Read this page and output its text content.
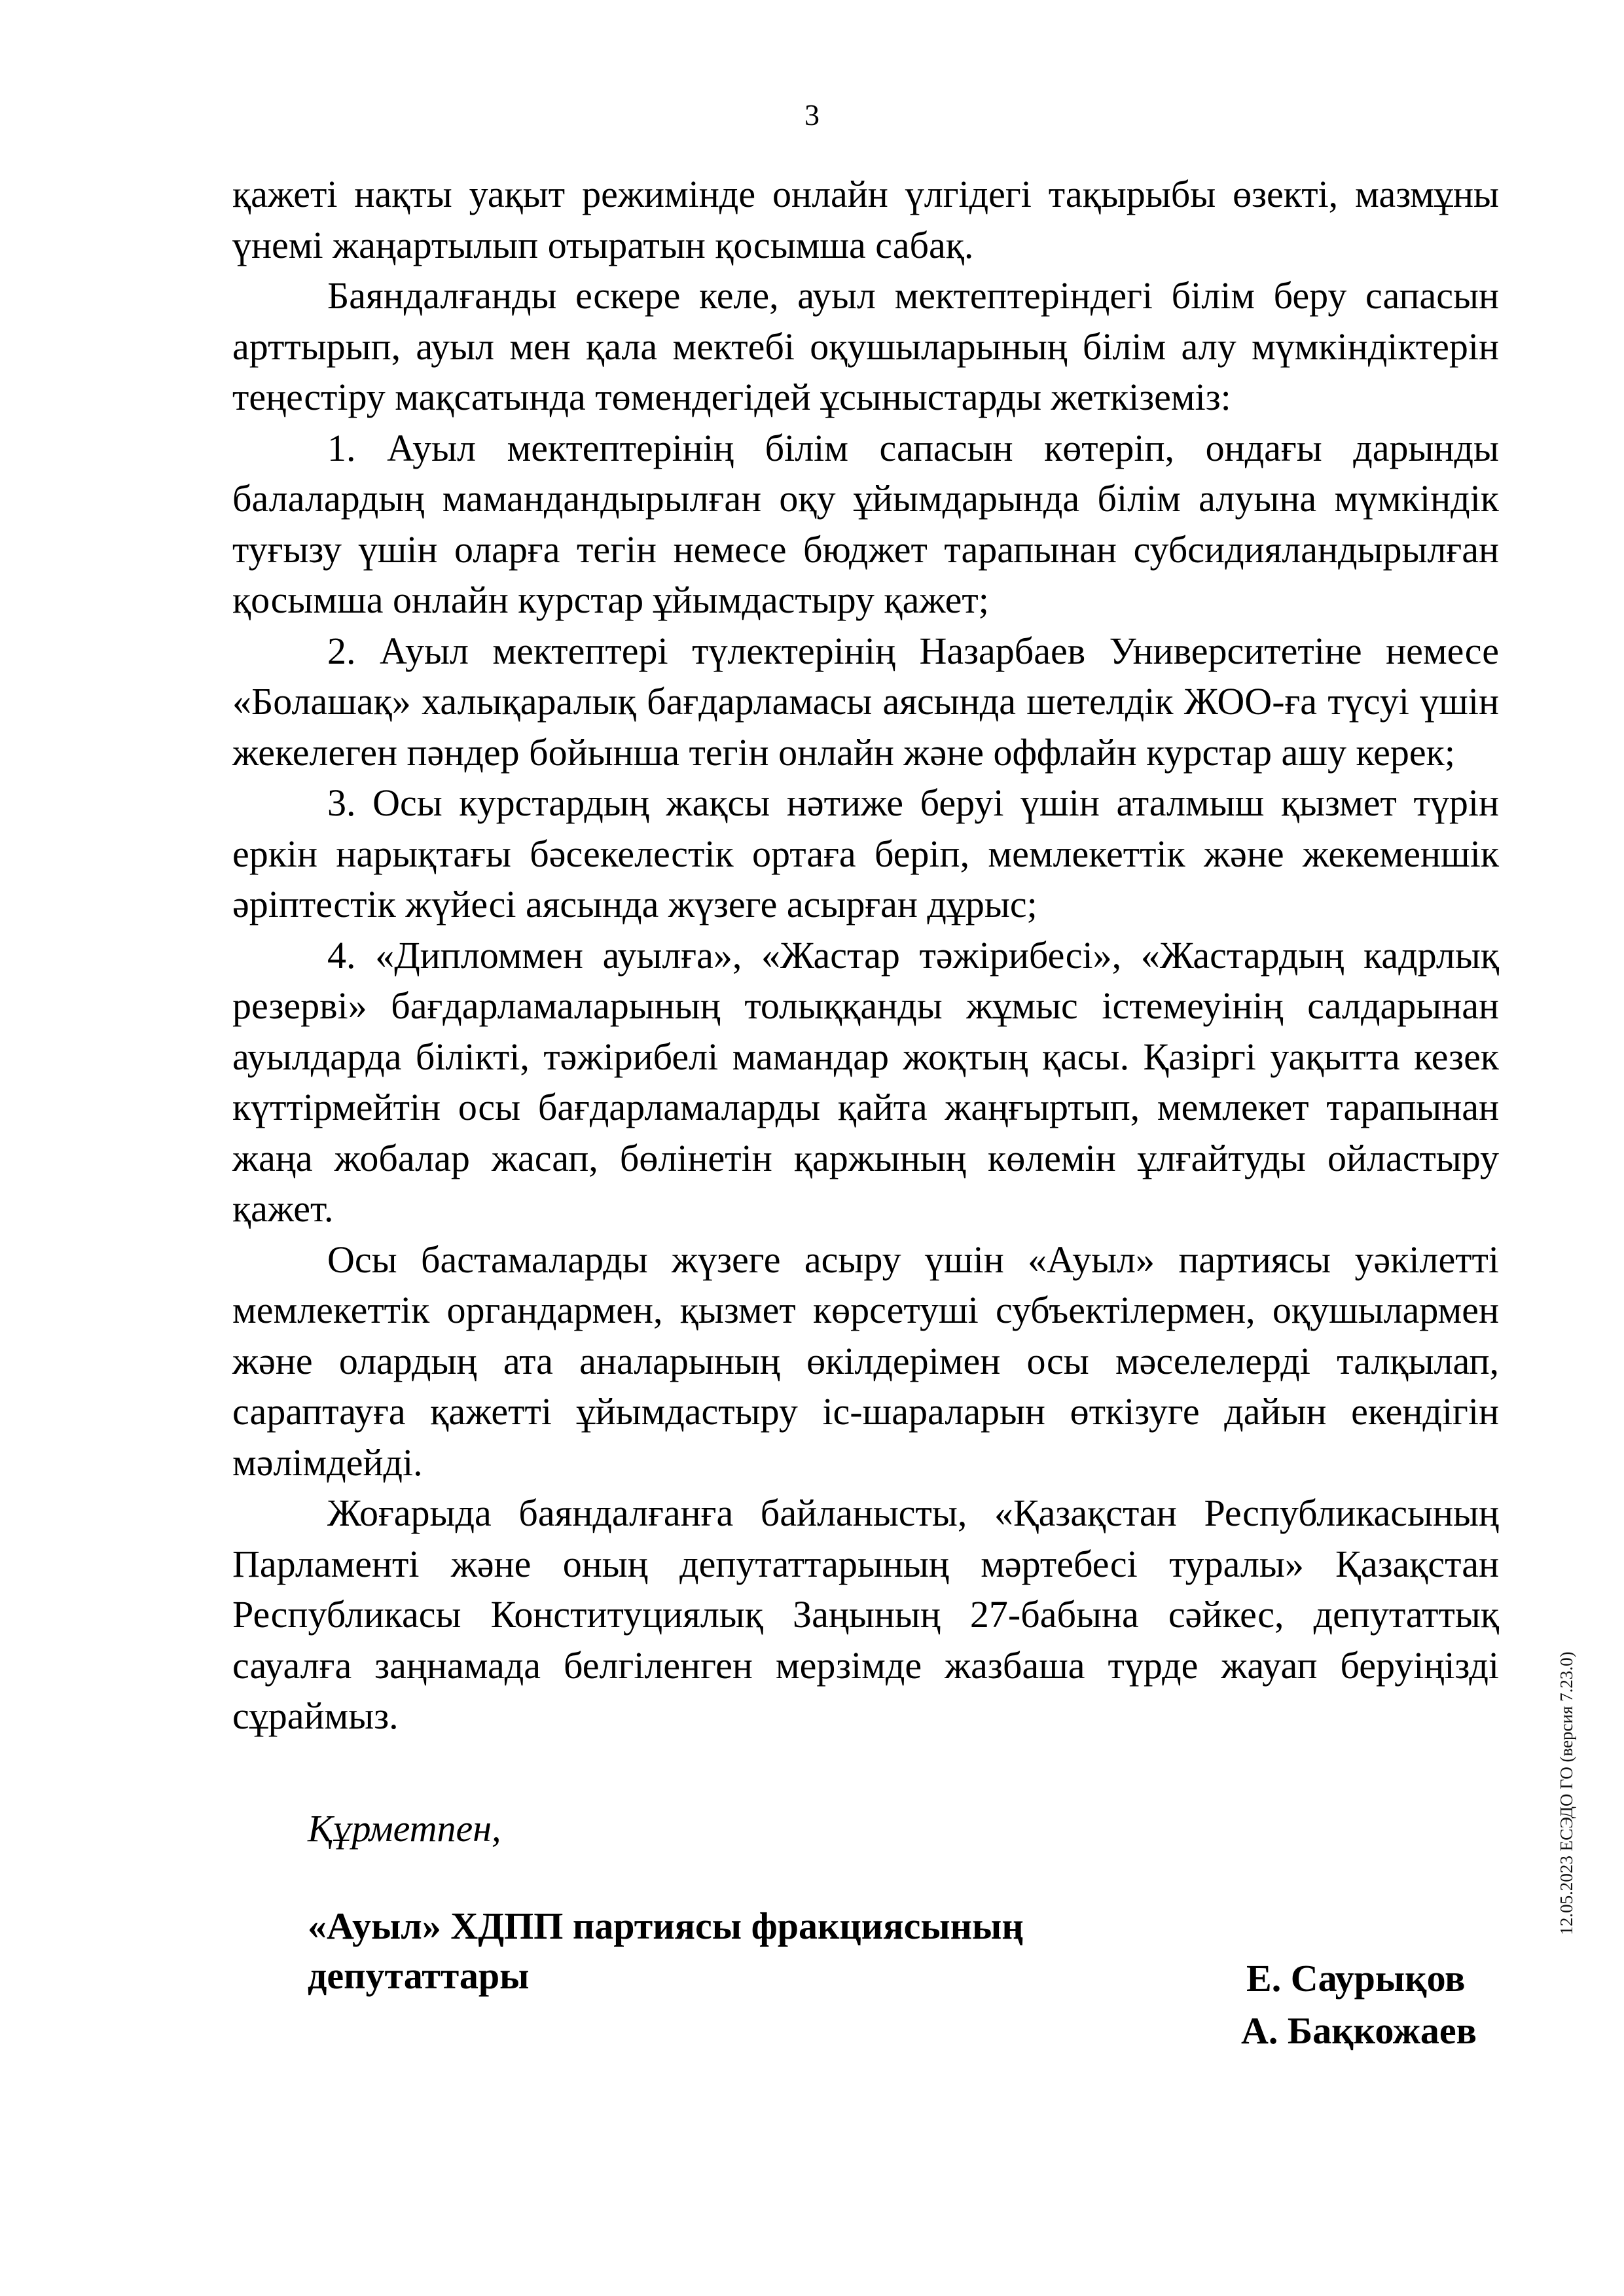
3

қажеті нақты уақыт режимінде онлайн үлгідегі тақырыбы өзекті, мазмұны үнемі жаңартылып отыратын қосымша сабақ.

Баяндалғанды ескере келе, ауыл мектептеріндегі білім беру сапасын арттырып, ауыл мен қала мектебі оқушыларының білім алу мүмкіндіктерін теңестіру мақсатында төмендегідей ұсыныстарды жеткіземіз:

1. Ауыл мектептерінің білім сапасын көтеріп, ондағы дарынды балалардың мамандандырылған оқу ұйымдарында білім алуына мүмкіндік туғызу үшін оларға тегін немесе бюджет тарапынан субсидияландырылған қосымша онлайн курстар ұйымдастыру қажет;

2. Ауыл мектептері түлектерінің Назарбаев Университетіне немесе «Болашақ» халықаралық бағдарламасы аясында шетелдік ЖОО-ға түсуі үшін жекелеген пәндер бойынша тегін онлайн және оффлайн курстар ашу керек;

3. Осы курстардың жақсы нәтиже беруі үшін аталмыш қызмет түрін еркін нарықтағы бәсекелестік ортаға беріп, мемлекеттік және жекеменшік әріптестік жүйесі аясында жүзеге асырған дұрыс;

4. «Дипломмен ауылға», «Жастар тәжірибесі», «Жастардың кадрлық резерві» бағдарламаларының толыққанды жұмыс істемеуінің салдарынан ауылдарда білікті, тәжірибелі мамандар жоқтың қасы. Қазіргі уақытта кезек күттірмейтін осы бағдарламаларды қайта жаңғыртып, мемлекет тарапынан жаңа жобалар жасап, бөлінетін қаржының көлемін ұлғайтуды ойластыру қажет.

Осы бастамаларды жүзеге асыру үшін «Ауыл» партиясы уәкілетті мемлекеттік органдармен, қызмет көрсетуші субъектілермен, оқушылармен және олардың ата аналарының өкілдерімен осы мәселелерді талқылап, сараптауға қажетті ұйымдастыру іс-шараларын өткізуге дайын екендігін мәлімдейді.

Жоғарыда баяндалғанға байланысты, «Қазақстан Республикасының Парламенті және оның депутаттарының мәртебесі туралы» Қазақстан Республикасы Конституциялық Заңының 27-бабына сәйкес, депутаттық сауалға заңнамада белгіленген мерзімде жазбаша түрде жауап беруіңізді сұраймыз.

Құрметпен,
«Ауыл» ХДПП партиясы фракциясының
депутаттары	Е. Саурықов
А. Бақкожаев
12.05.2023 ЕСЭДО ГО (версия 7.23.0)
